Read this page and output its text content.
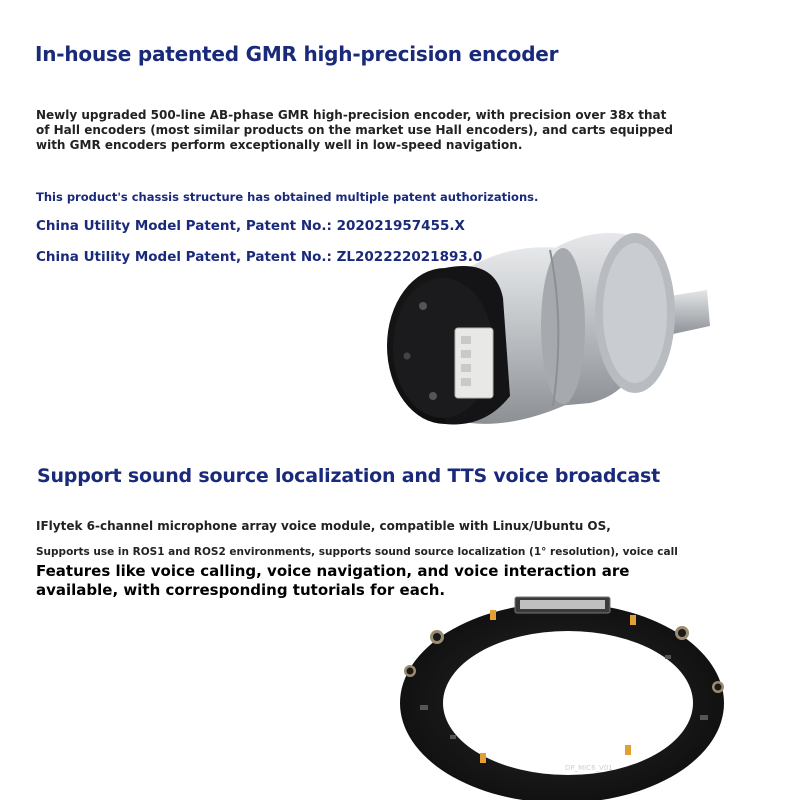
In-house patented GMR high-precision encoder
Newly upgraded 500-line AB-phase GMR high-precision encoder, with precision over 38x that of Hall encoders (most similar products on the market use Hall encoders), and carts equipped with GMR encoders perform exceptionally well in low-speed navigation.
This product's chassis structure has obtained multiple patent authorizations.
China Utility Model Patent, Patent No.: 202021957455.X
China Utility Model Patent, Patent No.: ZL202222021893.0
Support sound source localization and TTS voice broadcast
IFlytek 6-channel microphone array voice module, compatible with Linux/Ubuntu OS,
Supports use in ROS1 and ROS2 environments, supports sound source localization (1° resolution), voice call
Features like voice calling, voice navigation, and voice interaction are available, with corresponding tutorials for each.
DP_MIC6_V01
